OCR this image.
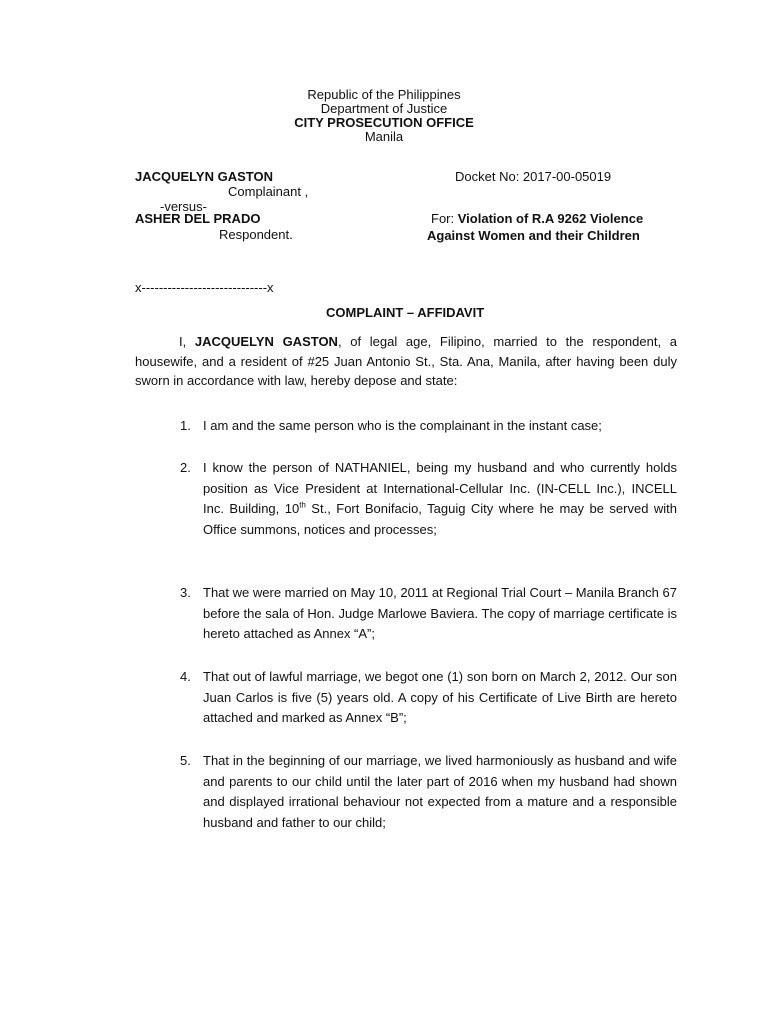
Republic of the Philippines
Department of Justice
CITY PROSECUTION OFFICE
Manila
JACQUELYN GASTON
Complainant ,
-versus-
ASHER DEL PRADO
Respondent.
Docket No: 2017-00-05019
For: Violation of R.A 9262 Violence
Against Women and their Children
x-----------------------------x
COMPLAINT – AFFIDAVIT
I, JACQUELYN GASTON, of legal age, Filipino, married to the respondent, a housewife, and a resident of #25 Juan Antonio St., Sta. Ana, Manila, after having been duly sworn in accordance with law, hereby depose and state:
1. I am and the same person who is the complainant in the instant case;
2. I know the person of NATHANIEL, being my husband and who currently holds position as Vice President at International-Cellular Inc. (IN-CELL Inc.), INCELL Inc. Building, 10th St., Fort Bonifacio, Taguig City where he may be served with Office summons, notices and processes;
3. That we were married on May 10, 2011 at Regional Trial Court – Manila Branch 67 before the sala of Hon. Judge Marlowe Baviera. The copy of marriage certificate is hereto attached as Annex “A”;
4. That out of lawful marriage, we begot one (1) son born on March 2, 2012. Our son Juan Carlos is five (5) years old. A copy of his Certificate of Live Birth are hereto attached and marked as Annex “B”;
5. That in the beginning of our marriage, we lived harmoniously as husband and wife and parents to our child until the later part of 2016 when my husband had shown and displayed irrational behaviour not expected from a mature and a responsible husband and father to our child;
